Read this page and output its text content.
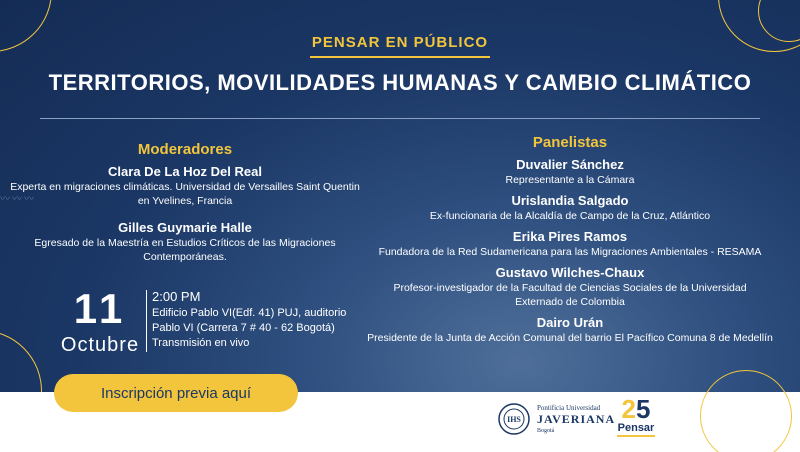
〰〰〰
PENSAR EN PÚBLICO
TERRITORIOS, MOVILIDADES HUMANAS Y CAMBIO CLIMÁTICO
Moderadores
Clara De La Hoz Del Real
Experta en migraciones climáticas. Universidad de Versailles Saint Quentin en Yvelines, Francia
Gilles Guymarie Halle
Egresado de la Maestría en Estudios Críticos de las Migraciones Contemporáneas.
Panelistas
Duvalier Sánchez
Representante a la Cámara
Urislandia Salgado
Ex-funcionaria de la Alcaldía de Campo de la Cruz, Atlántico
Erika Pires Ramos
Fundadora de la Red Sudamericana para las Migraciones Ambientales - RESAMA
Gustavo Wilches-Chaux
Profesor-investigador de la Facultad de Ciencias Sociales de la Universidad Externado de Colombia
Dairo Urán
Presidente de la Junta de Acción Comunal del barrio El Pacífico Comuna 8 de Medellín
11
Octubre
2:00 PM
Edificio Pablo VI(Edf. 41) PUJ, auditorio
Pablo VI (Carrera 7 # 40 - 62 Bogotá)
Transmisión en vivo
Inscripción previa aquí
IHS
Pontificia Universidad
JAVERIANA
Bogotá
25
Pensar
